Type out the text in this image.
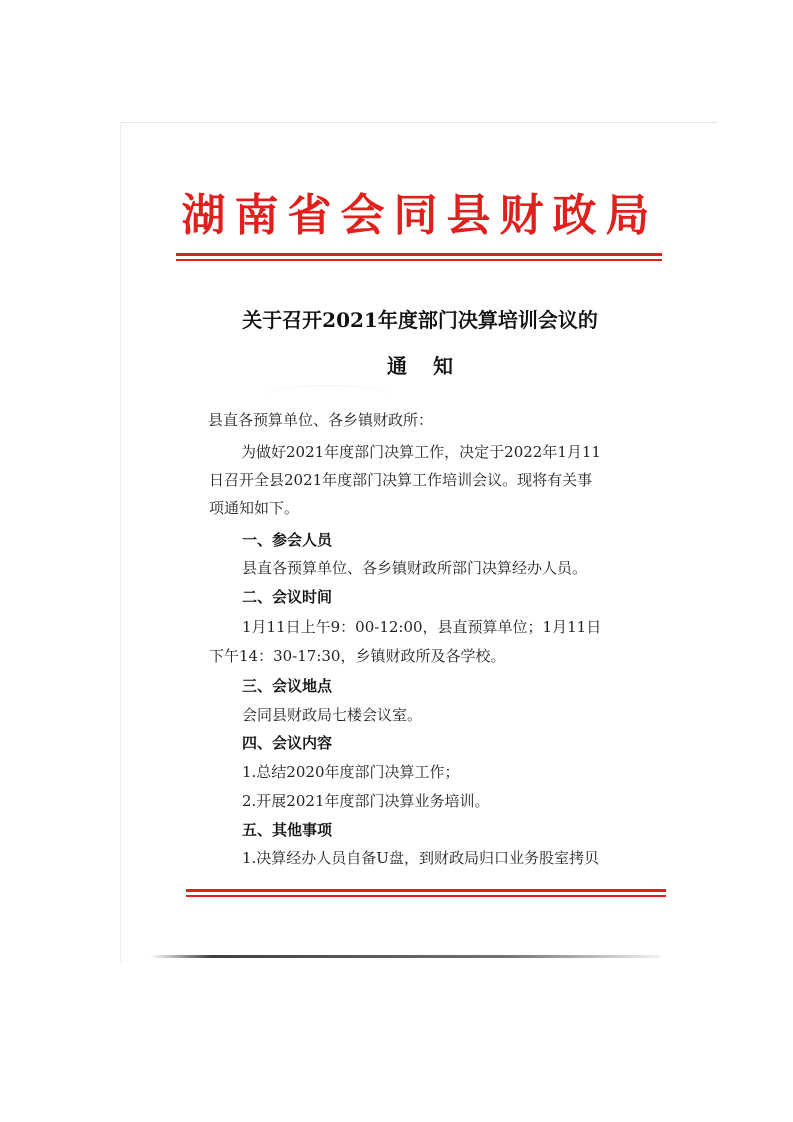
湖南省会同县财政局
关于召开2021年度部门决算培训会议的
通知
县直各预算单位、各乡镇财政所：
为做好2021年度部门决算工作，决定于2022年1月11
日召开全县2021年度部门决算工作培训会议。现将有关事
项通知如下。
一、参会人员
县直各预算单位、各乡镇财政所部门决算经办人员。
二、会议时间
1月11日上午9：00-12:00，县直预算单位；1月11日
下午14：30-17:30，乡镇财政所及各学校。
三、会议地点
会同县财政局七楼会议室。
四、会议内容
1.总结2020年度部门决算工作；
2.开展2021年度部门决算业务培训。
五、其他事项
1.决算经办人员自备U盘，到财政局归口业务股室拷贝
